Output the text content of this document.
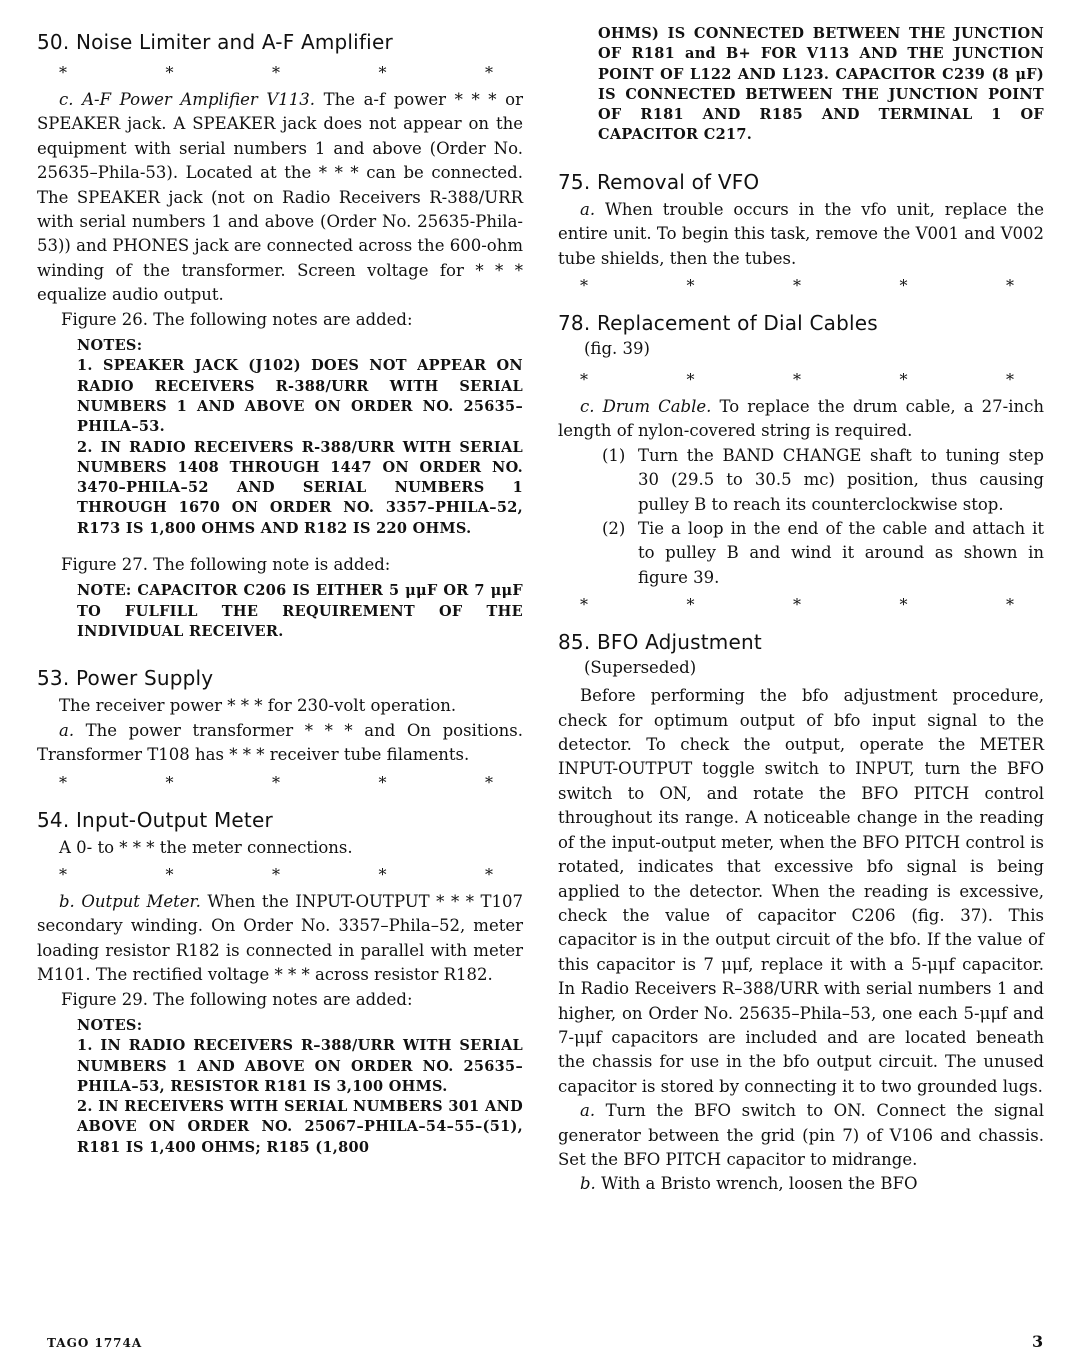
50. Noise Limiter and A-F Amplifier
*	*	*	*	*

c. A-F Power Amplifier V113. The a-f power * * * or SPEAKER jack. A SPEAKER jack does not appear on the equipment with serial numbers 1 and above (Order No. 25635–Phila-53). Located at the * * * can be connected. The SPEAKER jack (not on Radio Receivers R-388/URR with serial numbers 1 and above (Order No. 25635-Phila-53)) and PHONES jack are connected across the 600-ohm winding of the transformer. Screen voltage for * * * equalize audio output.

Figure 26. The following notes are added:

NOTES:
1. SPEAKER JACK (J102) DOES NOT APPEAR ON RADIO RECEIVERS R-388/URR WITH SERIAL NUMBERS 1 AND ABOVE ON ORDER NO. 25635–PHILA–53.
2. IN RADIO RECEIVERS R-388/URR WITH SERIAL NUMBERS 1408 THROUGH 1447 ON ORDER NO. 3470–PHILA–52 AND SERIAL NUMBERS 1 THROUGH 1670 ON ORDER NO. 3357–PHILA–52, R173 IS 1,800 OHMS AND R182 IS 220 OHMS.

Figure 27. The following note is added:

NOTE: CAPACITOR C206 IS EITHER 5 μμF OR 7 μμF TO FULFILL THE REQUIREMENT OF THE INDIVIDUAL RECEIVER.
53. Power Supply

The receiver power * * * for 230-volt operation.

a. The power transformer * * * and On positions. Transformer T108 has * * * receiver tube filaments.

*	*	*	*	*
54. Input-Output Meter

A 0- to * * * the meter connections.

*	*	*	*	*

b. Output Meter. When the INPUT-OUTPUT * * * T107 secondary winding. On Order No. 3357–Phila–52, meter loading resistor R182 is connected in parallel with meter M101. The rectified voltage * * * across resistor R182.

Figure 29. The following notes are added:

NOTES:
1. IN RADIO RECEIVERS R–388/URR WITH SERIAL NUMBERS 1 AND ABOVE ON ORDER NO. 25635–PHILA–53, RESISTOR R181 IS 3,100 OHMS.
2. IN RECEIVERS WITH SERIAL NUMBERS 301 AND ABOVE ON ORDER NO. 25067–PHILA–54–55–(51), R181 IS 1,400 OHMS; R185 (1,800
OHMS) IS CONNECTED BETWEEN THE JUNCTION OF R181 and B+ FOR V113 AND THE JUNCTION POINT OF L122 AND L123. CAPACITOR C239 (8 μF) IS CONNECTED BETWEEN THE JUNCTION POINT OF R181 AND R185 AND TERMINAL 1 OF CAPACITOR C217.
75. Removal of VFO

a. When trouble occurs in the vfo unit, replace the entire unit. To begin this task, remove the V001 and V002 tube shields, then the tubes.

*	*	*	*	*
78. Replacement of Dial Cables
(fig. 39)
*	*	*	*	*

c. Drum Cable. To replace the drum cable, a 27-inch length of nylon-covered string is required.

(1) Turn the BAND CHANGE shaft to tuning step 30 (29.5 to 30.5 mc) position, thus causing pulley B to reach its counterclockwise stop.
(2) Tie a loop in the end of the cable and attach it to pulley B and wind it around as shown in figure 39.
*	*	*	*	*
85. BFO Adjustment
(Superseded)

Before performing the bfo adjustment procedure, check for optimum output of bfo input signal to the detector. To check the output, operate the METER INPUT-OUTPUT toggle switch to INPUT, turn the BFO switch to ON, and rotate the BFO PITCH control throughout its range. A noticeable change in the reading of the input-output meter, when the BFO PITCH control is rotated, indicates that excessive bfo signal is being applied to the detector. When the reading is excessive, check the value of capacitor C206 (fig. 37). This capacitor is in the output circuit of the bfo. If the value of this capacitor is 7 μμf, replace it with a 5-μμf capacitor. In Radio Receivers R–388/URR with serial numbers 1 and higher, on Order No. 25635–Phila–53, one each 5-μμf and 7-μμf capacitors are included and are located beneath the chassis for use in the bfo output circuit. The unused capacitor is stored by connecting it to two grounded lugs.

a. Turn the BFO switch to ON. Connect the signal generator between the grid (pin 7) of V106 and chassis. Set the BFO PITCH capacitor to midrange.

b. With a Bristo wrench, loosen the BFO

TAGO 1774A	3
